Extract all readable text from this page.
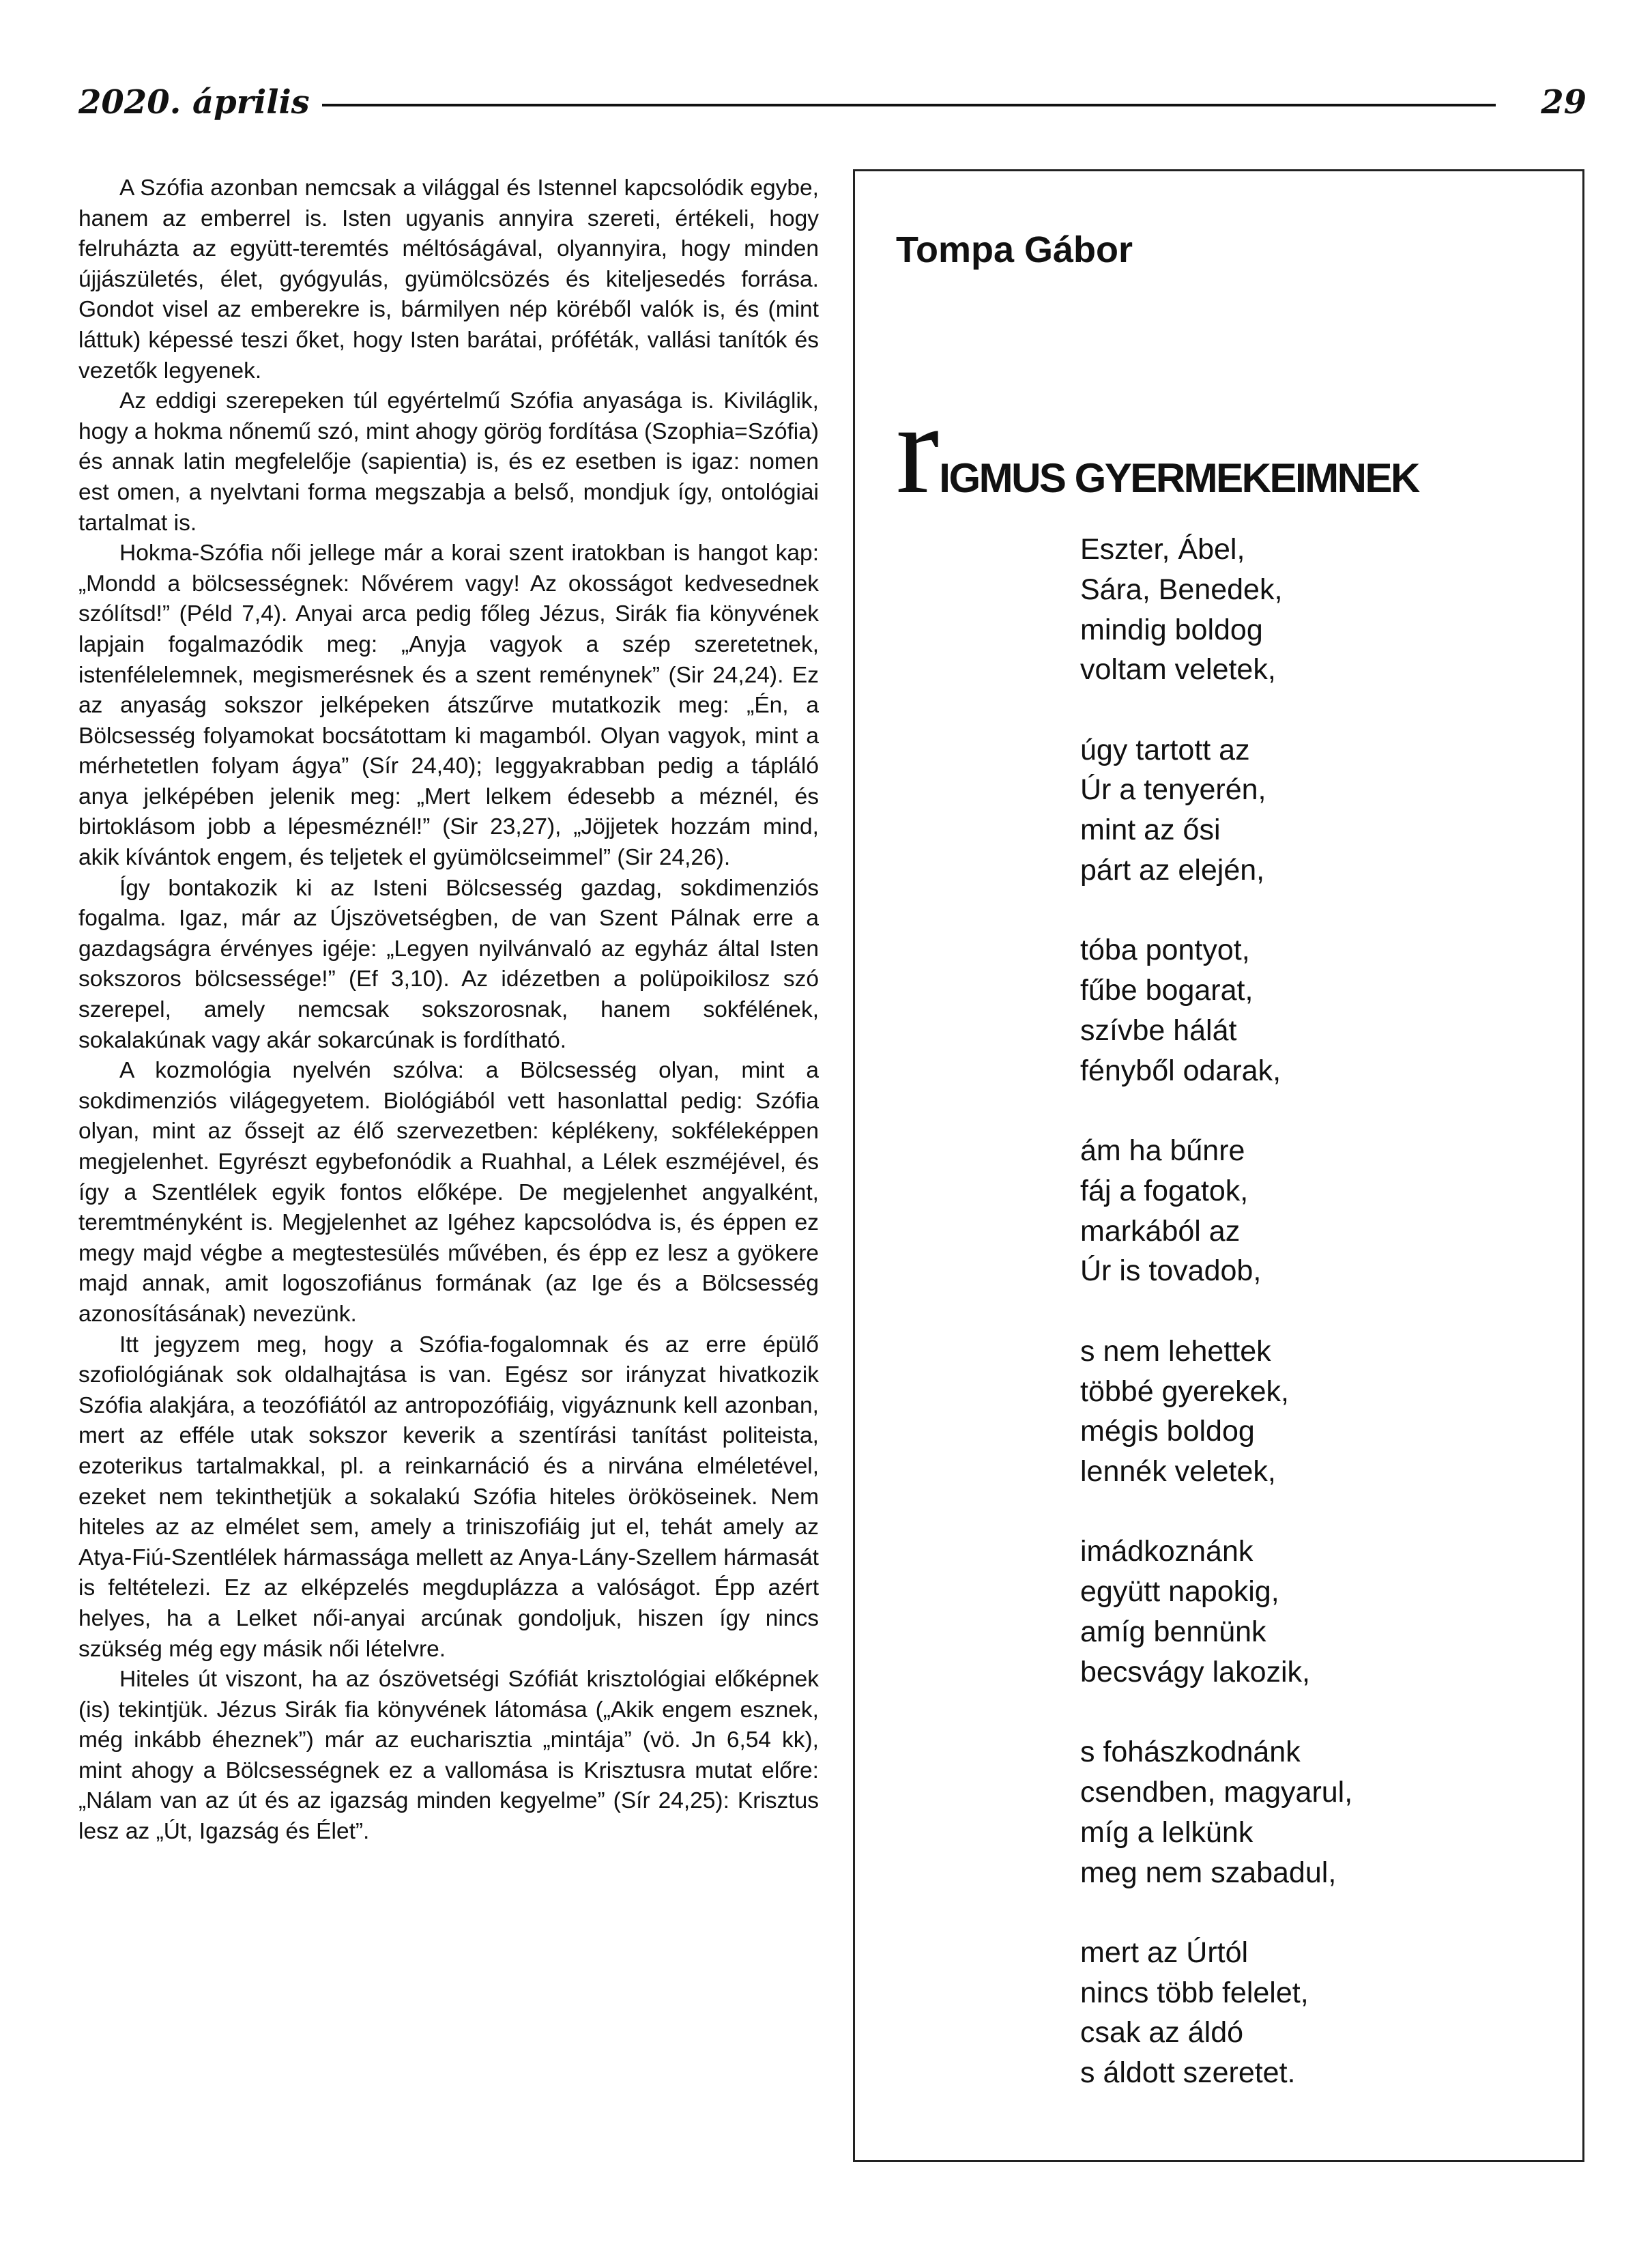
2020. április	29

A Szófia azonban nemcsak a világgal és Istennel kapcsolódik egybe, hanem az emberrel is. Isten ugyanis annyira szereti, értékeli, hogy felruházta az együtt-teremtés méltóságával, olyannyira, hogy minden újjászületés, élet, gyógyulás, gyümölcsözés és kiteljesedés forrása. Gondot visel az emberekre is, bármilyen nép köréből valók is, és (mint láttuk) képessé teszi őket, hogy Isten barátai, próféták, vallási tanítók és vezetők legyenek.

Az eddigi szerepeken túl egyértelmű Szófia anyasága is. Kiviláglik, hogy a hokma nőnemű szó, mint ahogy görög fordítása (Szophia=Szófia) és annak latin megfelelője (sapientia) is, és ez esetben is igaz: nomen est omen, a nyelvtani forma megszabja a belső, mondjuk így, ontológiai tartalmat is.

Hokma-Szófia női jellege már a korai szent iratokban is hangot kap: „Mondd a bölcsességnek: Nővérem vagy! Az okosságot kedvesednek szólítsd!” (Péld 7,4). Anyai arca pedig főleg Jézus, Sirák fia könyvének lapjain fogalmazódik meg: „Anyja vagyok a szép szeretetnek, istenfélelemnek, megismerésnek és a szent reménynek” (Sir 24,24). Ez az anyaság sokszor jelképeken átszűrve mutatkozik meg: „Én, a Bölcsesség folyamokat bocsátottam ki magamból. Olyan vagyok, mint a mérhetetlen folyam ágya” (Sír 24,40); leggyakrabban pedig a tápláló anya jelképében jelenik meg: „Mert lelkem édesebb a méznél, és birtoklásom jobb a lépesméznél!” (Sir 23,27), „Jöjjetek hozzám mind, akik kívántok engem, és teljetek el gyümölcseimmel” (Sir 24,26).

Így bontakozik ki az Isteni Bölcsesség gazdag, sokdimenziós fogalma. Igaz, már az Újszövetségben, de van Szent Pálnak erre a gazdagságra érvényes igéje: „Legyen nyilvánvaló az egyház által Isten sokszoros bölcsessége!” (Ef 3,10). Az idézetben a polüpoikilosz szó szerepel, amely nemcsak sokszorosnak, hanem sokfélének, sokalakúnak vagy akár sokarcúnak is fordítható.

A kozmológia nyelvén szólva: a Bölcsesség olyan, mint a sokdimenziós világegyetem. Biológiából vett hasonlattal pedig: Szófia olyan, mint az őssejt az élő szervezetben: képlékeny, sokféleképpen megjelenhet. Egyrészt egybefonódik a Ruahhal, a Lélek eszméjével, és így a Szentlélek egyik fontos előképe. De megjelenhet angyalként, teremtményként is. Megjelenhet az Igéhez kapcsolódva is, és éppen ez megy majd végbe a megtestesülés művében, és épp ez lesz a gyökere majd annak, amit logoszofiánus formának (az Ige és a Bölcsesség azonosításának) nevezünk.

Itt jegyzem meg, hogy a Szófia-fogalomnak és az erre épülő szofiológiának sok oldalhajtása is van. Egész sor irányzat hivatkozik Szófia alakjára, a teozófiától az antropozófiáig, vigyáznunk kell azonban, mert az efféle utak sokszor keverik a szentírási tanítást politeista, ezoterikus tartalmakkal, pl. a reinkarnáció és a nirvána elméletével, ezeket nem tekinthetjük a sokalakú Szófia hiteles örököseinek. Nem hiteles az az elmélet sem, amely a triniszofiáig jut el, tehát amely az Atya-Fiú-Szentlélek hármassága mellett az Anya-Lány-Szellem hármasát is feltételezi. Ez az elképzelés megduplázza a valóságot. Épp azért helyes, ha a Lelket női-anyai arcúnak gondoljuk, hiszen így nincs szükség még egy másik női lételvre.

Hiteles út viszont, ha az ószövetségi Szófiát krisztológiai előképnek (is) tekintjük. Jézus Sirák fia könyvének látomása („Akik engem esznek, még inkább éheznek”) már az eucharisztia „mintája” (vö. Jn 6,54 kk), mint ahogy a Bölcsességnek ez a vallomása is Krisztusra mutat előre: „Nálam van az út és az igazság minden kegyelme” (Sír 24,25): Krisztus lesz az „Út, Igazság és Élet”.

Tompa Gábor
rIGMUS GYERMEKEIMNEK
Eszter, Ábel,
Sára, Benedek,
mindig boldog
voltam veletek,
úgy tartott az
Úr a tenyerén,
mint az ősi
párt az elején,
tóba pontyot,
fűbe bogarat,
szívbe hálát
fényből odarak,
ám ha bűnre
fáj a fogatok,
markából az
Úr is tovadob,
s nem lehettek
többé gyerekek,
mégis boldog
lennék veletek,
imádkoznánk
együtt napokig,
amíg bennünk
becsvágy lakozik,
s fohászkodnánk
csendben, magyarul,
míg a lelkünk
meg nem szabadul,
mert az Úrtól
nincs több felelet,
csak az áldó
s áldott szeretet.
